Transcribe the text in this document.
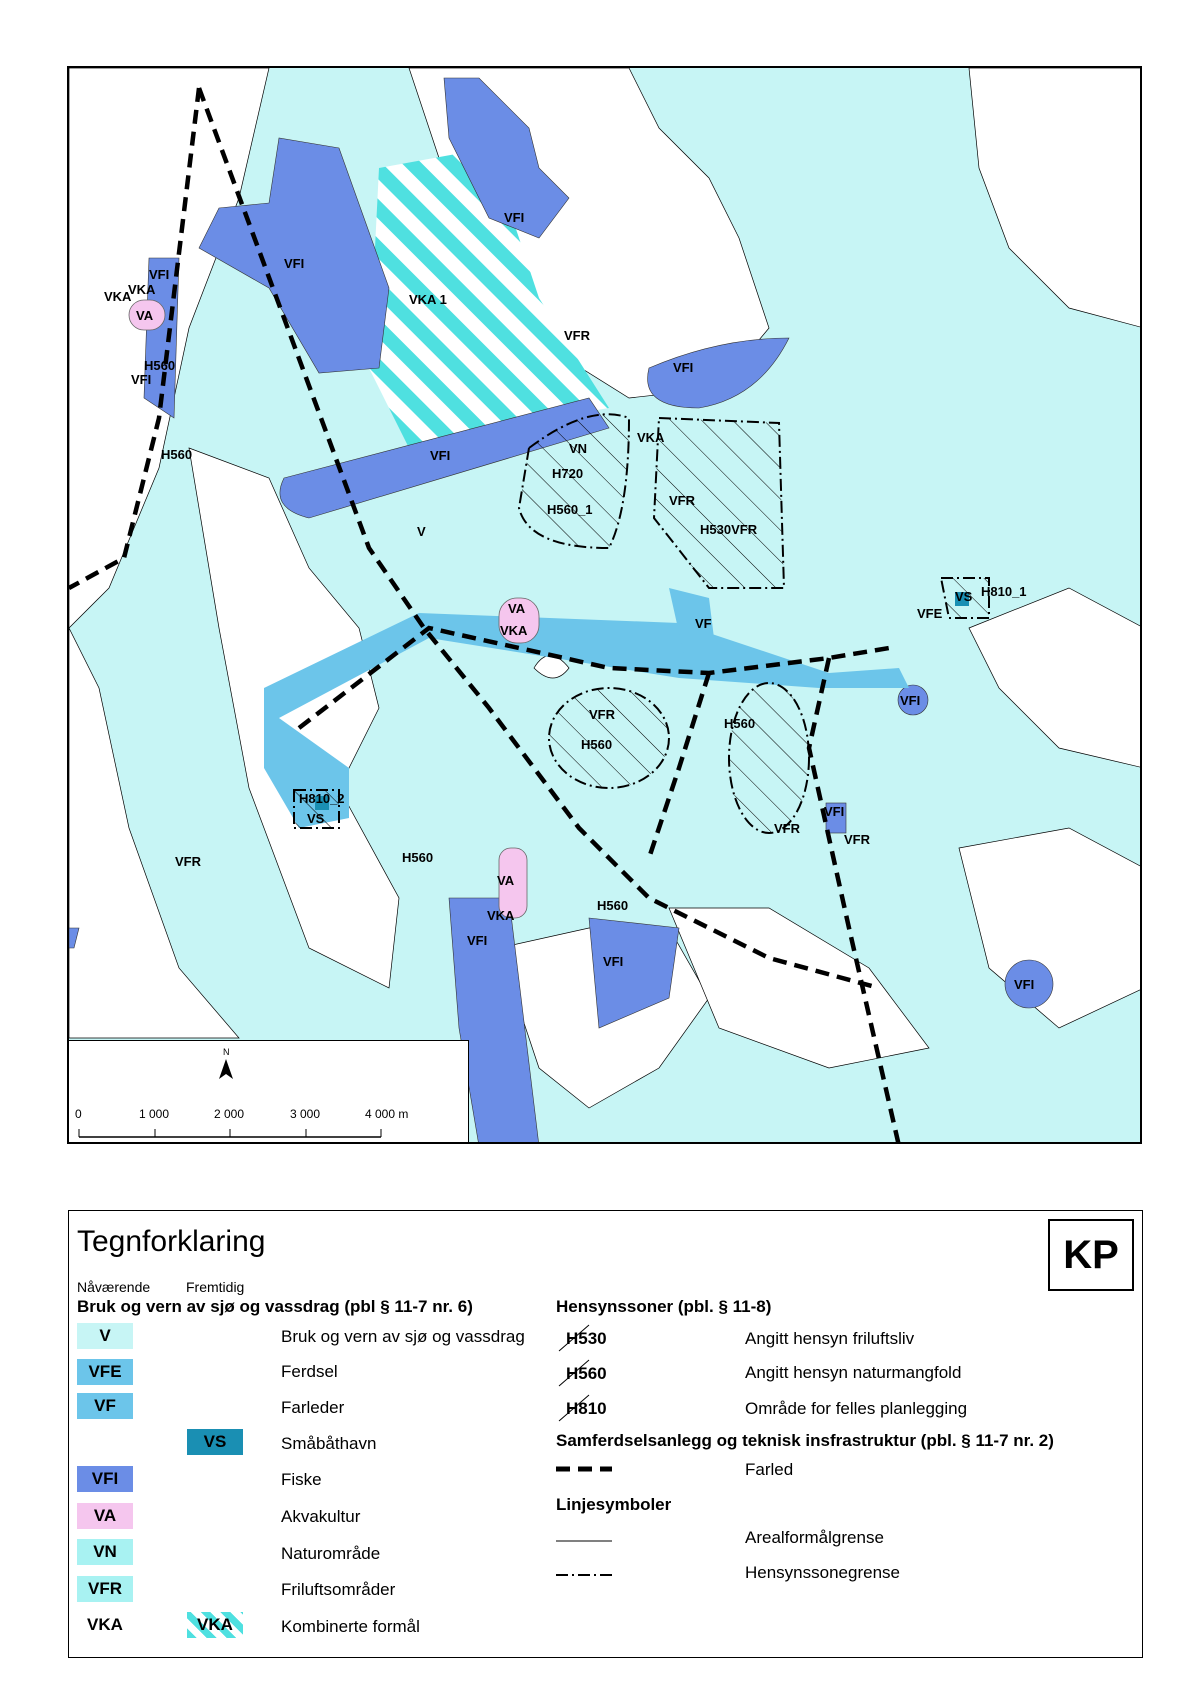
VFI
VKA 1
VFI
VFR
VFI
VFI
V
VN
H720
H560_1
VKA
VFR
H530VFR
VFI
VKA
VKA
VA
H560
VFI
H560
VA
VKA	VF
VS H810_1
VFE
VFI
VFR
H560
H560
VFR
VFI
VFR
H810_2
VS
H560
VFR
VA
VKA
H560
VFI
VFI
VFI
N
0	1 000	2 000	3 000	4 000 m
Tegnforklaring
Nåværende	Fremtidig
KP
Bruk og vern av sjø og vassdrag (pbl § 11-7 nr. 6)
V	Bruk og vern av sjø og vassdrag
VFE	Ferdsel
VF	Farleder
VS	Småbåthavn
VFI	Fiske
VA	Akvakultur
VN	Naturområde
VFR	Friluftsområder
VKA	VKA	Kombinerte formål
Hensynssoner (pbl. § 11-8)
H530	Angitt hensyn friluftsliv
H560	Angitt hensyn naturmangfold
H810	Område for felles planlegging
Samferdselsanlegg og teknisk insfrastruktur (pbl. § 11-7 nr. 2)
Farled
Linjesymboler
Arealformålgrense
Hensynssonegrense
